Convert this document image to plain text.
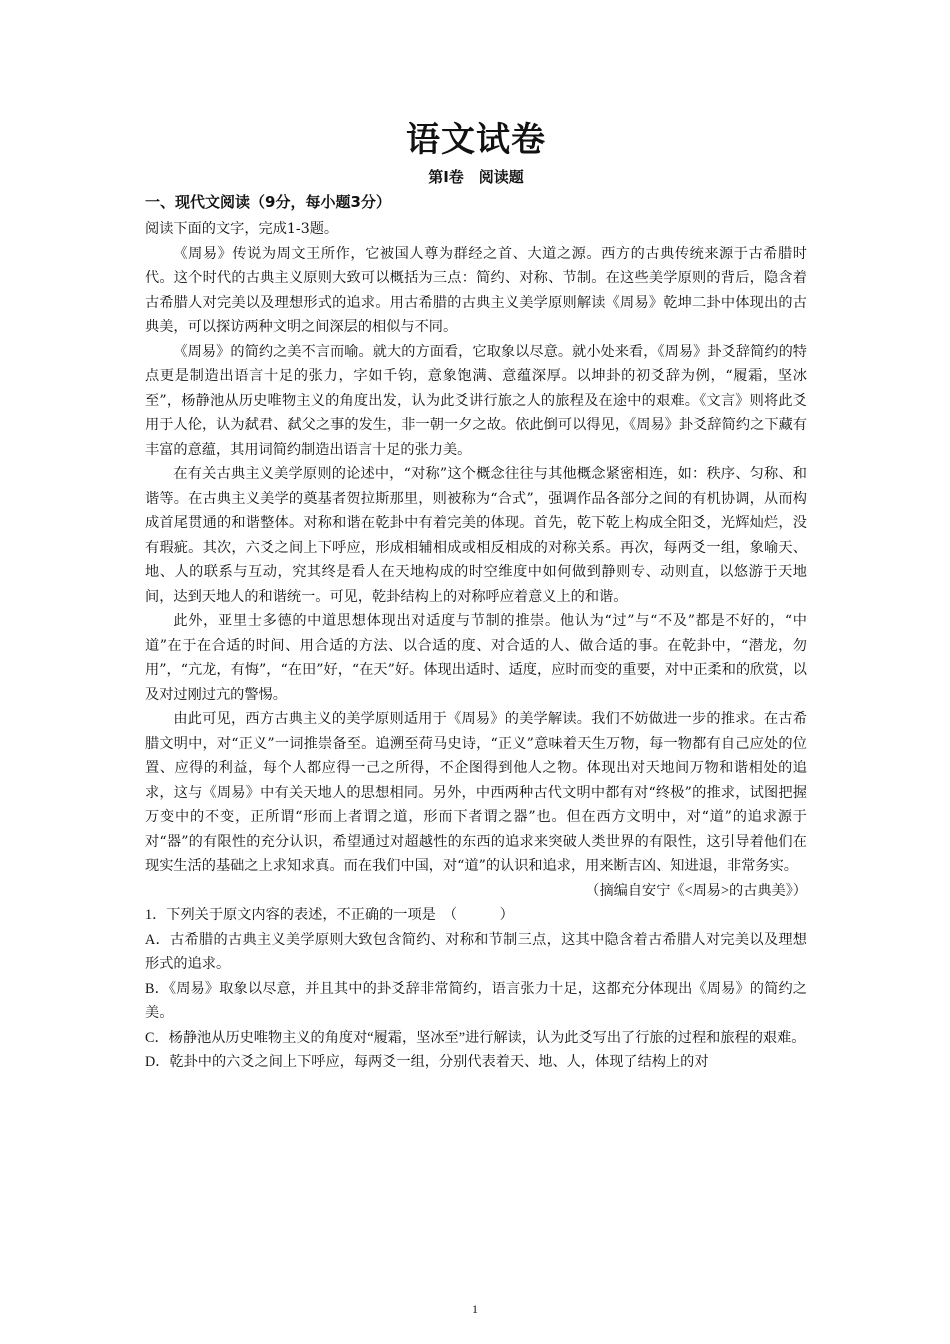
语文试卷
第Ⅰ卷　阅读题
一、现代文阅读（9分，每小题3分）

阅读下面的文字，完成1-3题。

《周易》传说为周文王所作，它被国人尊为群经之首、大道之源。西方的古典传统来源于古希腊时代。这个时代的古典主义原则大致可以概括为三点：简约、对称、节制。在这些美学原则的背后，隐含着古希腊人对完美以及理想形式的追求。用古希腊的古典主义美学原则解读《周易》乾坤二卦中体现出的古典美，可以探访两种文明之间深层的相似与不同。

《周易》的简约之美不言而喻。就大的方面看，它取象以尽意。就小处来看，《周易》卦爻辞简约的特点更是制造出语言十足的张力，字如千钧，意象饱满、意蕴深厚。以坤卦的初爻辞为例，“履霜，坚冰至”，杨静池从历史唯物主义的角度出发，认为此爻讲行旅之人的旅程及在途中的艰难。《文言》则将此爻用于人伦，认为弑君、弑父之事的发生，非一朝一夕之故。依此倒可以得见，《周易》卦爻辞简约之下藏有丰富的意蕴，其用词简约制造出语言十足的张力美。

在有关古典主义美学原则的论述中，“对称”这个概念往往与其他概念紧密相连，如：秩序、匀称、和谐等。在古典主义美学的奠基者贺拉斯那里，则被称为“合式”，强调作品各部分之间的有机协调，从而构成首尾贯通的和谐整体。对称和谐在乾卦中有着完美的体现。首先，乾下乾上构成全阳爻，光辉灿烂，没有瑕疵。其次，六爻之间上下呼应，形成相辅相成或相反相成的对称关系。再次，每两爻一组，象喻天、地、人的联系与互动，究其终是看人在天地构成的时空维度中如何做到静则专、动则直，以悠游于天地间，达到天地人的和谐统一。可见，乾卦结构上的对称呼应着意义上的和谐。

此外，亚里士多德的中道思想体现出对适度与节制的推崇。他认为“过”与“不及”都是不好的，“中道”在于在合适的时间、用合适的方法、以合适的度、对合适的人、做合适的事。在乾卦中，“潜龙，勿用”，“亢龙，有悔”，“在田”好，“在天”好。体现出适时、适度，应时而变的重要，对中正柔和的欣赏，以及对过刚过亢的警惕。

由此可见，西方古典主义的美学原则适用于《周易》的美学解读。我们不妨做进一步的推求。在古希腊文明中，对“正义”一词推崇备至。追溯至荷马史诗，“正义”意味着天生万物，每一物都有自己应处的位置、应得的利益，每个人都应得一己之所得，不企图得到他人之物。体现出对天地间万物和谐相处的追求，这与《周易》中有关天地人的思想相同。另外，中西两种古代文明中都有对“终极”的推求，试图把握万变中的不变，正所谓“形而上者谓之道，形而下者谓之器”也。但在西方文明中，对“道”的追求源于对“器”的有限性的充分认识，希望通过对超越性的东西的追求来突破人类世界的有限性，这引导着他们在现实生活的基础之上求知求真。而在我们中国，对“道”的认识和追求，用来断吉凶、知进退，非常务实。

（摘编自安宁《<周易>的古典美》）

1．下列关于原文内容的表述，不正确的一项是　（　　　）

A．古希腊的古典主义美学原则大致包含简约、对称和节制三点，这其中隐含着古希腊人对完美以及理想形式的追求。

B．《周易》取象以尽意，并且其中的卦爻辞非常简约，语言张力十足，这都充分体现出《周易》的简约之美。

C．杨静池从历史唯物主义的角度对“履霜，坚冰至”进行解读，认为此爻写出了行旅的过程和旅程的艰难。

D．乾卦中的六爻之间上下呼应，每两爻一组，分别代表着天、地、人，体现了结构上的对

1
